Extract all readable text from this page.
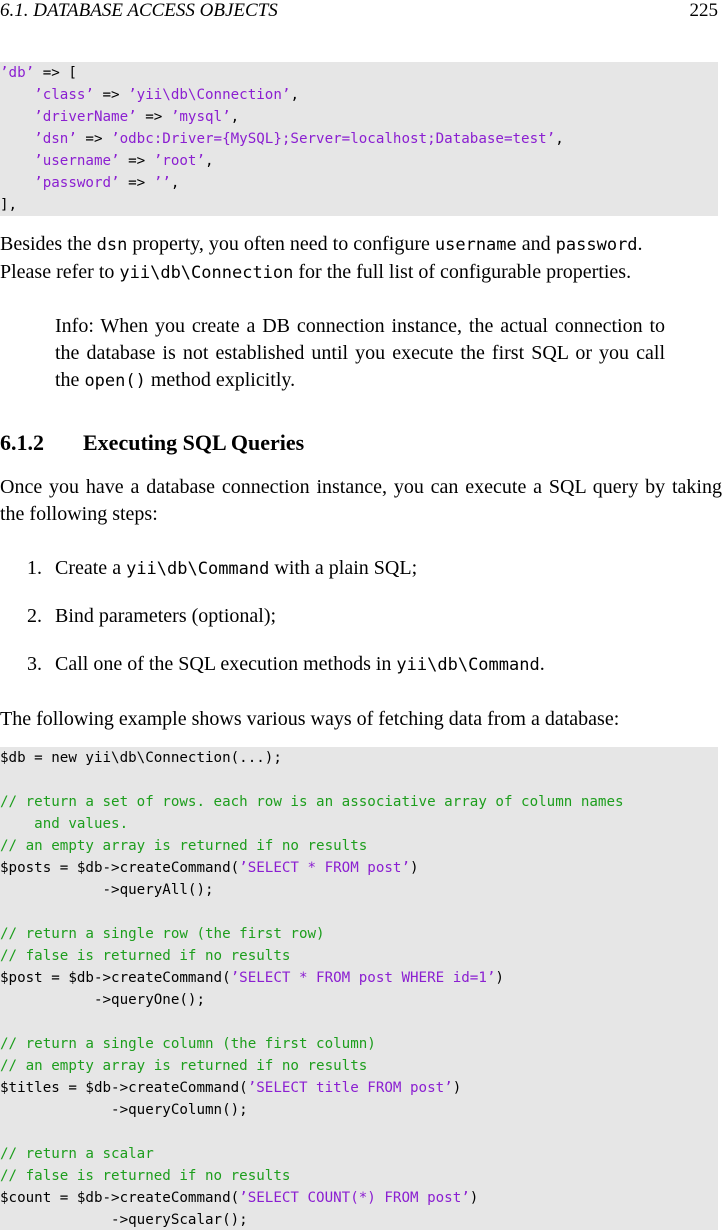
6.1. DATABASE ACCESS OBJECTS	225
’db’ => [
’class’ => ’yii\db\Connection’,
’driverName’ => ’mysql’,
’dsn’ => ’odbc:Driver={MySQL};Server=localhost;Database=test’,
’username’ => ’root’,
’password’ => ’’,
],
Besides the dsn property, you often need to configure username and password.
Please refer to yii\db\Connection for the full list of configurable properties.
Info: When you create a DB connection instance, the actual connection to the database is not established until you execute the first SQL or you call the open() method explicitly.
6.1.2 Executing SQL Queries
Once you have a database connection instance, you can execute a SQL query by taking the following steps:
1. Create a yii\db\Command with a plain SQL;
2. Bind parameters (optional);
3. Call one of the SQL execution methods in yii\db\Command.
The following example shows various ways of fetching data from a database:
$db = new yii\db\Connection(...);
// return a set of rows. each row is an associative array of column names
and values.
// an empty array is returned if no results
$posts = $db->createCommand(’SELECT * FROM post’)
->queryAll();
// return a single row (the first row)
// false is returned if no results
$post = $db->createCommand(’SELECT * FROM post WHERE id=1’)
->queryOne();
// return a single column (the first column)
// an empty array is returned if no results
$titles = $db->createCommand(’SELECT title FROM post’)
->queryColumn();
// return a scalar
// false is returned if no results
$count = $db->createCommand(’SELECT COUNT(*) FROM post’)
->queryScalar();
